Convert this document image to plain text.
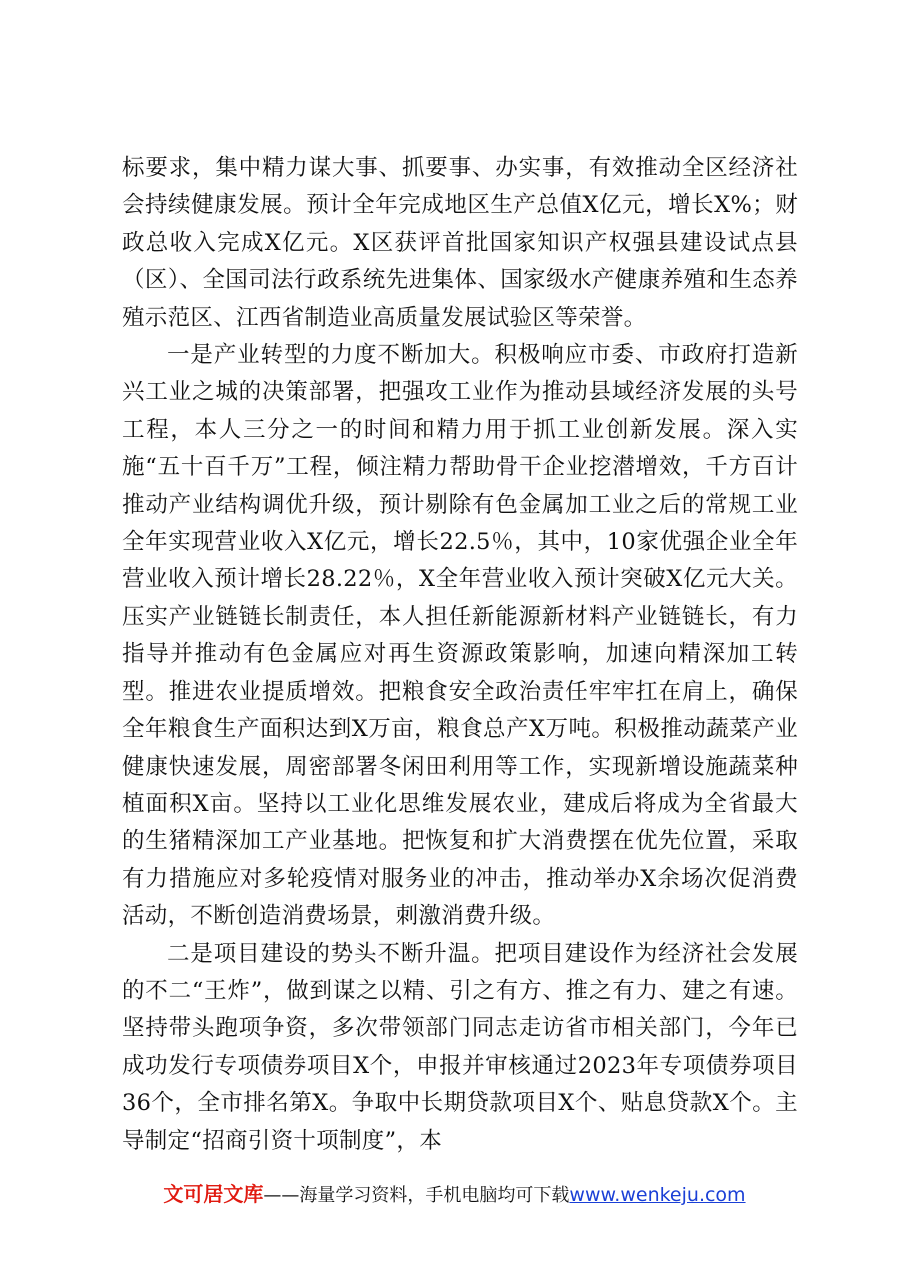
标要求，集中精力谋大事、抓要事、办实事，有效推动全区经济社会持续健康发展。预计全年完成地区生产总值X亿元，增长X%；财政总收入完成X亿元。X区获评首批国家知识产权强县建设试点县（区）、全国司法行政系统先进集体、国家级水产健康养殖和生态养殖示范区、江西省制造业高质量发展试验区等荣誉。

一是产业转型的力度不断加大。积极响应市委、市政府打造新兴工业之城的决策部署，把强攻工业作为推动县域经济发展的头号工程，本人三分之一的时间和精力用于抓工业创新发展。深入实施“五十百千万”工程，倾注精力帮助骨干企业挖潜增效，千方百计推动产业结构调优升级，预计剔除有色金属加工业之后的常规工业全年实现营业收入X亿元，增长22.5％，其中，10家优强企业全年营业收入预计增长28.22％，X全年营业收入预计突破X亿元大关。压实产业链链长制责任，本人担任新能源新材料产业链链长，有力指导并推动有色金属应对再生资源政策影响，加速向精深加工转型。推进农业提质增效。把粮食安全政治责任牢牢扛在肩上，确保全年粮食生产面积达到X万亩，粮食总产X万吨。积极推动蔬菜产业健康快速发展，周密部署冬闲田利用等工作，实现新增设施蔬菜种植面积X亩。坚持以工业化思维发展农业，建成后将成为全省最大的生猪精深加工产业基地。把恢复和扩大消费摆在优先位置，采取有力措施应对多轮疫情对服务业的冲击，推动举办X余场次促消费活动，不断创造消费场景，刺激消费升级。

二是项目建设的势头不断升温。把项目建设作为经济社会发展的不二“王炸”，做到谋之以精、引之有方、推之有力、建之有速。坚持带头跑项争资，多次带领部门同志走访省市相关部门，今年已成功发行专项债券项目X个，申报并审核通过2023年专项债券项目36个，全市排名第X。争取中长期贷款项目X个、贴息贷款X个。主导制定“招商引资十项制度”，本

文可居文库——海量学习资料，手机电脑均可下载www.wenkeju.com
